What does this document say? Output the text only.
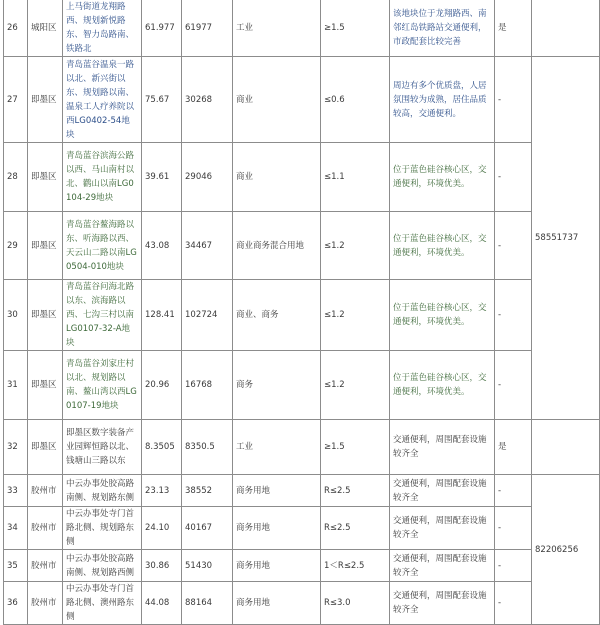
26	城阳区	上马街道龙翔路西、规划新悦路东、智力岛路南、铁路北	61.977	61977	工业	≥1.5	该地块位于龙翔路西、南邻红岛铁路站交通便利，市政配套比较完善	是	
27	即墨区	青岛蓝谷温泉一路以北、新兴街以东、规划路以南、温泉工人疗养院以西LG0402-54地块	75.67	30268	商业	≤0.6	周边有多个优质盘，人居氛围较为成熟，居住品质较高，交通便利。	-	58551737
28	即墨区	青岛蓝谷滨海公路以西、马山南村以北、鹳山以南LG0104-29地块	39.61	29046	商业	≤1.1	位于蓝色硅谷核心区，交通便利，环境优美。	-	
29	即墨区	青岛蓝谷鳌海路以东、听海路以西、天云山二路以南LG0504-010地块	43.08	34467	商业商务混合用地	≤1.2	位于蓝色硅谷核心区，交通便利，环境优美。	-	
30	即墨区	青岛蓝谷问海北路以东、滨海路以西、七沟三村以南LG0107-32-A地块	128.41	102724	商业、商务	≤1.2	位于蓝色硅谷核心区，交通便利，环境优美。	-	
31	即墨区	青岛蓝谷刘家庄村以北、规划路以南、鳌山湾以西LG0107-19地块	20.96	16768	商务	≤1.2	位于蓝色硅谷核心区，交通便利，环境优美。	-	
32	即墨区	即墨区数字装备产业园辉恒路以北、钱塘山三路以东	8.3505	8350.5	工业	≥1.5	交通便利，周围配套设施较齐全	是	
33	胶州市	中云办事处胶高路南侧、规划路东侧	23.13	38552	商务用地	R≤2.5	交通便利，周围配套设施较齐全	-	82206256
34	胶州市	中云办事处寺门首路北侧、规划路东侧	24.10	40167	商务用地	R≤2.5	交通便利，周围配套设施较齐全	-	
35	胶州市	中云办事处胶高路南侧、规划路西侧	30.86	51430	商务用地	1＜R≤2.5	交通便利，周围配套设施较齐全	-	
36	胶州市	中云办事处寺门首路北侧、澳州路东侧	44.08	88164	商务用地	R≤3.0	交通便利，周围配套设施较齐全	-	
